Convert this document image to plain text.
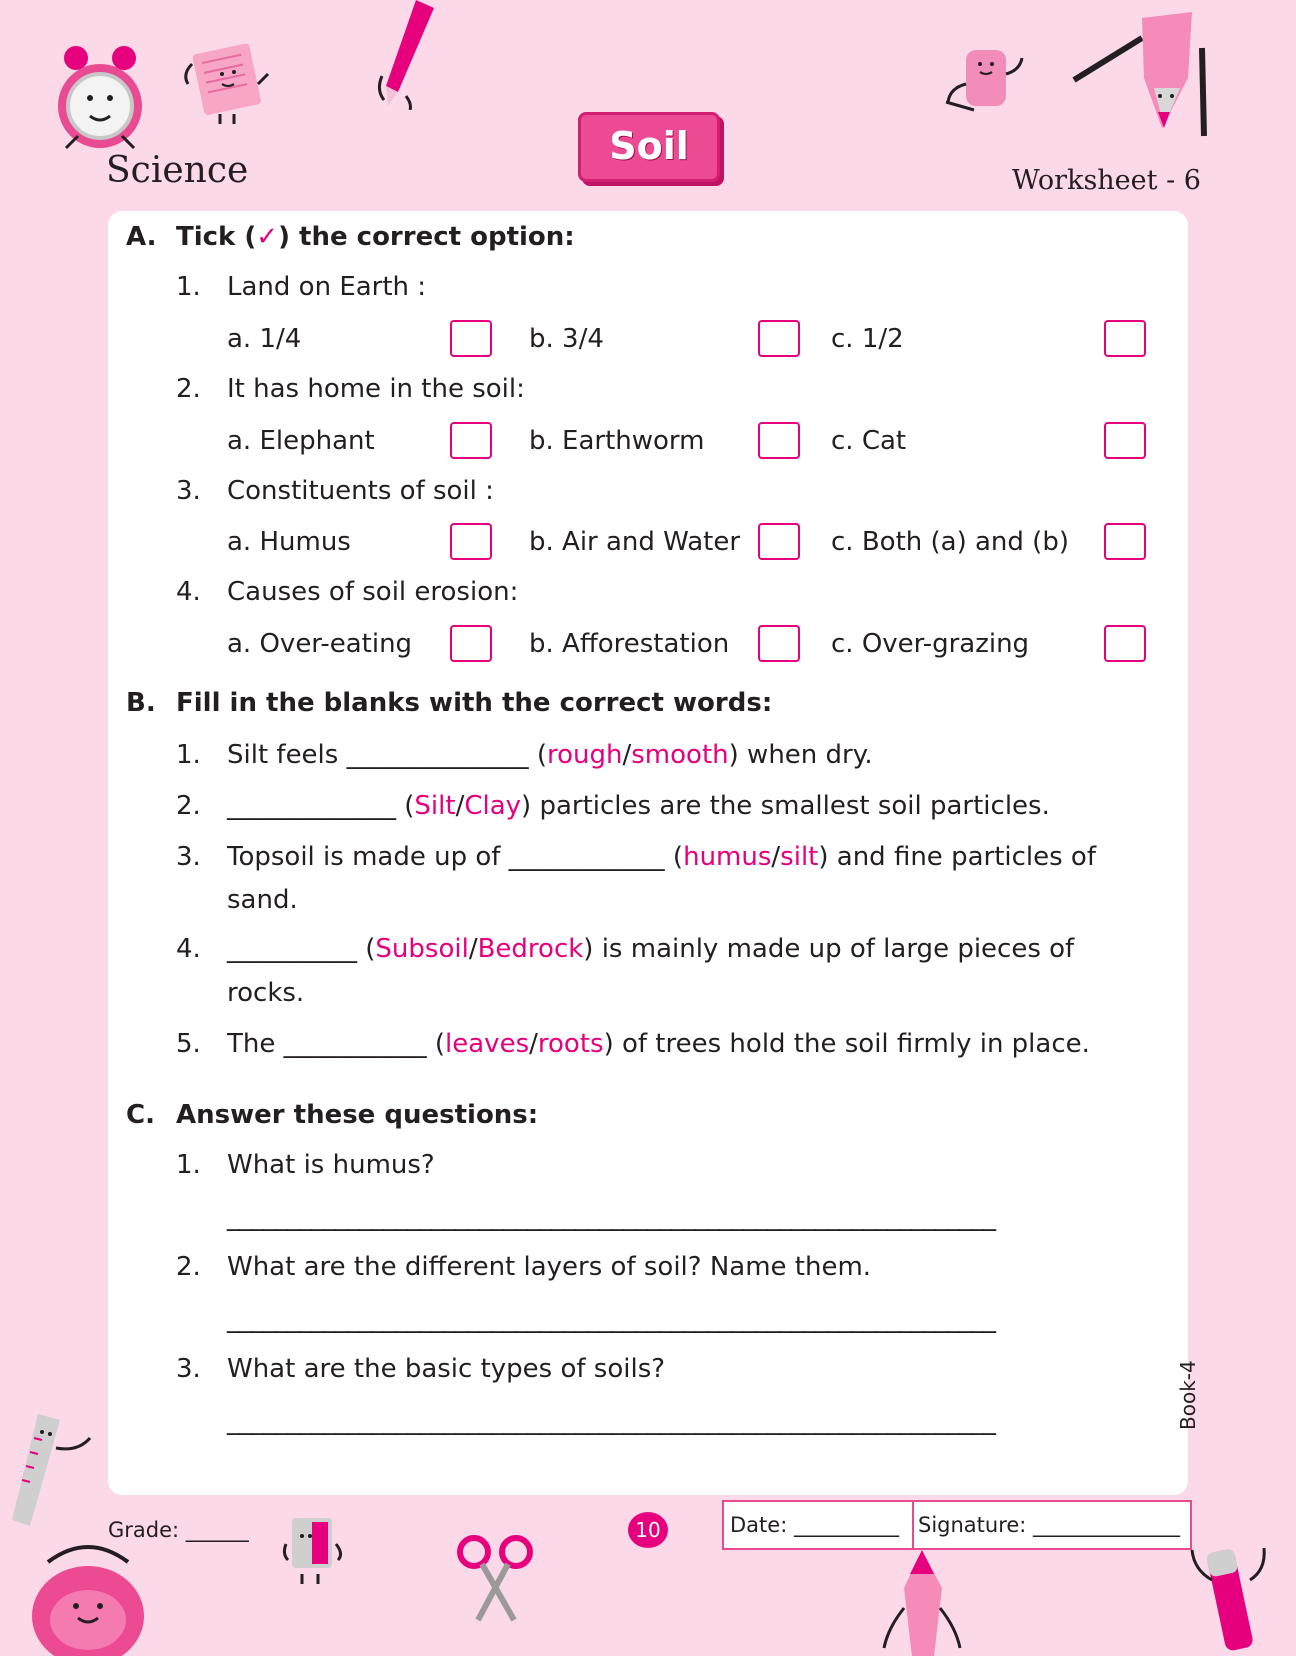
Science
Soil
Worksheet - 6
A. Tick (✓) the correct option:
1. Land on Earth :
a. 1/4	b. 3/4	c. 1/2
2. It has home in the soil:
a. Elephant	b. Earthworm	c. Cat
3. Constituents of soil :
a. Humus	b. Air and Water	c. Both (a) and (b)
4. Causes of soil erosion:
a. Over-eating	b. Afforestation	c. Over-grazing
B. Fill in the blanks with the correct words:
1. Silt feels ______________ (rough/smooth) when dry.
2. _____________ (Silt/Clay) particles are the smallest soil particles.
3. Topsoil is made up of ____________ (humus/silt) and fine particles of
sand.
4. __________ (Subsoil/Bedrock) is mainly made up of large pieces of
rocks.
5. The ___________ (leaves/roots) of trees hold the soil firmly in place.
C. Answer these questions:
1. What is humus?
________________________________________________________________
2. What are the different layers of soil? Name them.
________________________________________________________________
3. What are the basic types of soils?
________________________________________________________________	Book-4
Grade: ______	10	Date: __________ Signature: ______________
